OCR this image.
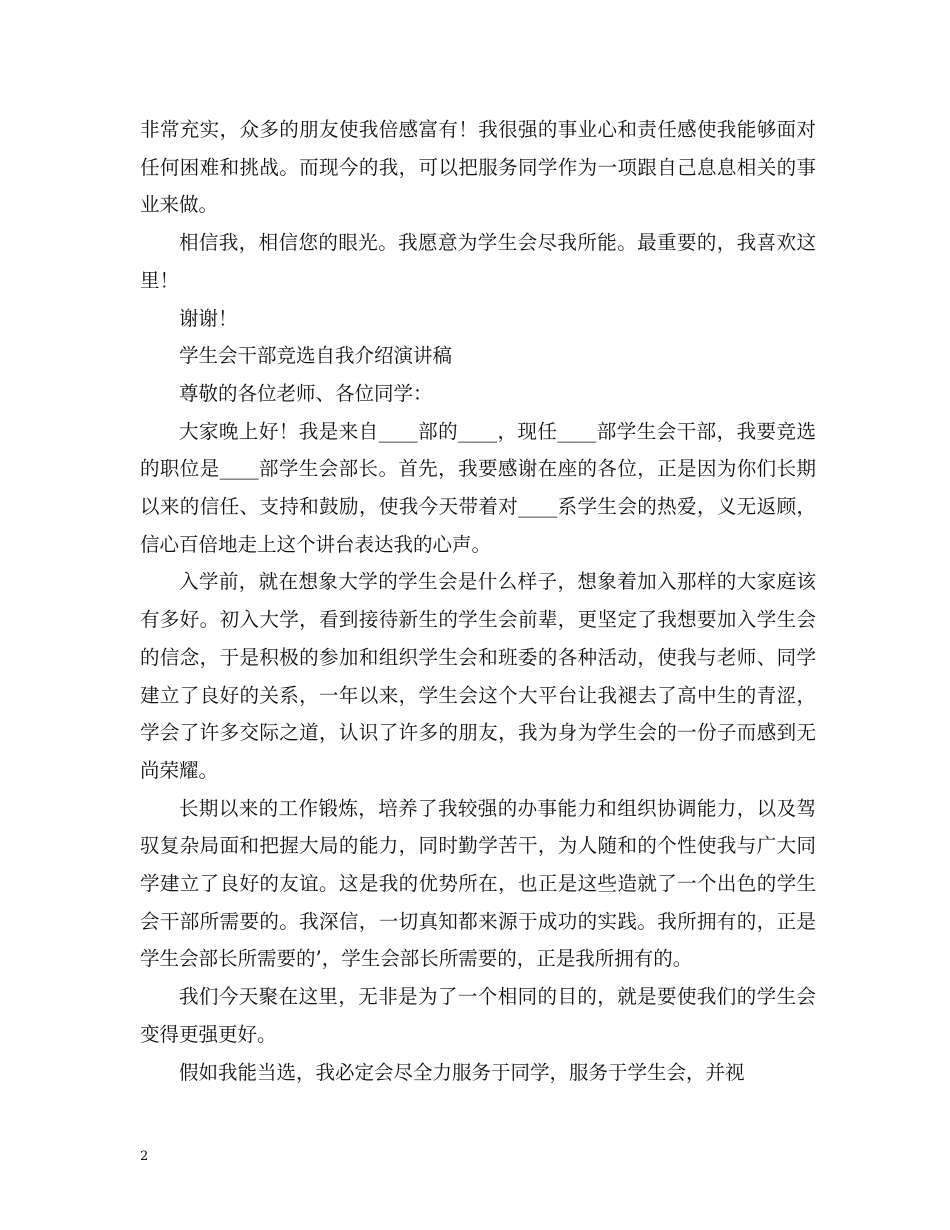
非常充实，众多的朋友使我倍感富有！我很强的事业心和责任感使我能够面对任何困难和挑战。而现今的我，可以把服务同学作为一项跟自己息息相关的事业来做。

相信我，相信您的眼光。我愿意为学生会尽我所能。最重要的，我喜欢这里！

谢谢！

学生会干部竞选自我介绍演讲稿

尊敬的各位老师、各位同学：

大家晚上好！我是来自____部的____，现任____部学生会干部，我要竞选的职位是____部学生会部长。首先，我要感谢在座的各位，正是因为你们长期以来的信任、支持和鼓励，使我今天带着对____系学生会的热爱，义无返顾，信心百倍地走上这个讲台表达我的心声。

入学前，就在想象大学的学生会是什么样子，想象着加入那样的大家庭该有多好。初入大学，看到接待新生的学生会前辈，更坚定了我想要加入学生会的信念，于是积极的参加和组织学生会和班委的各种活动，使我与老师、同学建立了良好的关系，一年以来，学生会这个大平台让我褪去了高中生的青涩，学会了许多交际之道，认识了许多的朋友，我为身为学生会的一份子而感到无尚荣耀。

长期以来的工作锻炼，培养了我较强的办事能力和组织协调能力，以及驾驭复杂局面和把握大局的能力，同时勤学苦干，为人随和的个性使我与广大同学建立了良好的友谊。这是我的优势所在，也正是这些造就了一个出色的学生会干部所需要的。我深信，一切真知都来源于成功的实践。我所拥有的，正是学生会部长所需要的’，学生会部长所需要的，正是我所拥有的。

我们今天聚在这里，无非是为了一个相同的目的，就是要使我们的学生会变得更强更好。

假如我能当选，我必定会尽全力服务于同学，服务于学生会，并视

2
